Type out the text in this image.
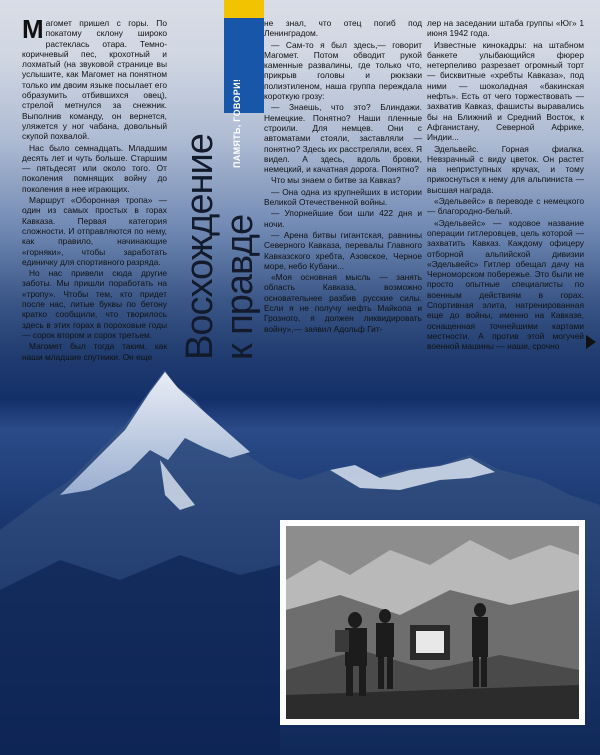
ПАМЯТЬ, ГОВОРИ!
Восхождение
к правде

Магомет пришел с горы. По покатому склону широко растеклась отара. Темно-коричневый пес, крохотный и лохматый (на звуковой странице вы услышите, как Магомет на понятном только им двоим языке посылает его образумить отбившихся овец), стрелой метнулся за снежник. Выполнив команду, он вернется, уляжется у ног чабана, довольный скупой похвалой.

Нас было семнадцать. Младшим десять лет и чуть больше. Старшим — пятьдесят или около того. От поколения помнящих войну до поколения в нее играющих.

Маршрут «Оборонная тропа» — один из самых простых в горах Кавказа. Первая категория сложности. И отправляются по нему, как правило, начинающие «горняки», чтобы заработать единичку для спортивного разряда.

Но нас привели сюда другие заботы. Мы пришли поработать на «тропу». Чтобы тем, кто придет после нас, литые буквы по бетону кратко сообщили, что творилось здесь в этих горах в пороховые годы — сорок втором и сорок третьем.

Магомет был тогда таким, как наши младшие спутники. Он еще

не знал, что отец погиб под Ленинградом.

— Сам-то я был здесь,— говорит Магомет. Потом обводит рукой каменные развалины, где только что, прикрыв головы и рюкзаки полиэтиленом, наша группа переждала короткую грозу:

— Знаешь, что это? Блиндажи. Немецкие. Понятно? Наши пленные строили. Для немцев. Они с автоматами стояли, заставляли — понятно? Здесь их расстреляли, всех. Я видел. А здесь, вдоль бровки, немецкий, и качатная дорога. Понятно?

Что мы знаем о битве за Кавказ?

— Она одна из крупнейших в истории Великой Отечественной войны.

— Упорнейшие бои шли 422 дня и ночи.

— Арена битвы гигантская, равнины Северного Кавказа, перевалы Главного Кавказского хребта, Азовское, Черное море, небо Кубани...

«Моя основная мысль — занять область Кавказа, возможно основательнее разбив русские силы. Если я не получу нефть Майкопа и Грозного, я должен ликвидировать войну»,— заявил Адольф Гит-

лер на заседании штаба группы «Юг» 1 июня 1942 года.

Известные кинокадры: на штабном банкете улыбающийся фюрер нетерпеливо разрезает огромный торт — бисквитные «хребты Кавказа», под ними — шоколадная «бакинская нефть». Есть от чего торжествовать — захватив Кавказ, фашисты выравались бы на Ближний и Средний Восток, к Афганистану, Северной Африке, Индии...

Эдельвейс. Горная фиалка. Невзрачный с виду цветок. Он растет на неприступных кручах, и тому прикоснуться к нему для альпиниста — высшая награда.

«Эдельвейс» в переводе с немецкого — благородно-белый.

«Эдельвейс» — кодовое название операции гитлеровцев, цель которой — захватить Кавказ. Каждому офицеру отборной альпийской дивизии «Эдельвейс» Гитлер обещал дачу на Черноморском побережье. Это были не просто опытные специалисты по военным действиям в горах. Спортивная элита, натренированная еще до войны, именно на Кавказе, оснащенная точнейшими картами местности. А против этой могучей военной машины — наши, срочно
